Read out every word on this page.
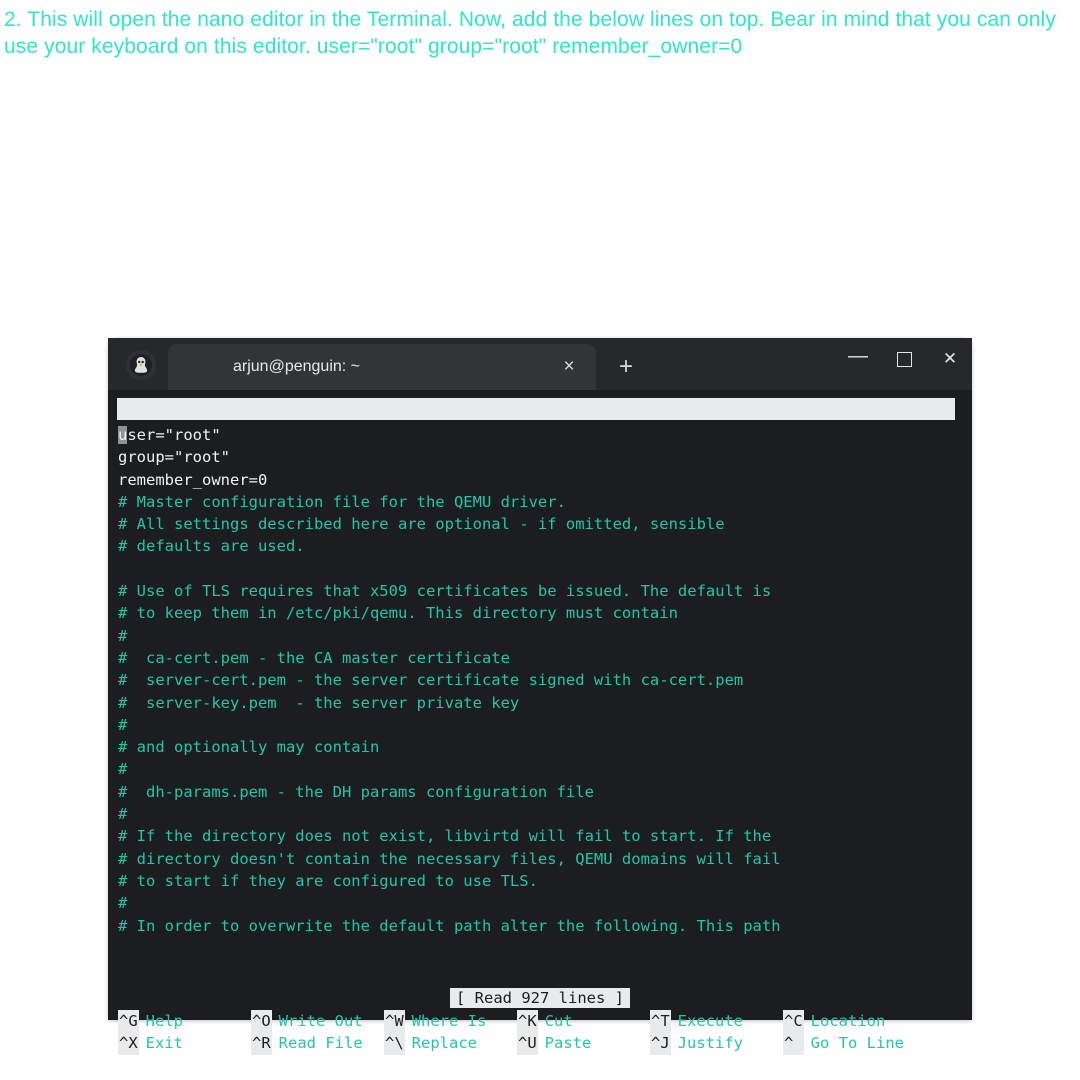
2. This will open the nano editor in the Terminal. Now, add the below lines on top. Bear in mind that you can only use your keyboard on this editor. user="root" group="root" remember_owner=0
arjun@penguin: ~	× +	—	✕

GNU nano 5.4	/etc/libvirt/qemu.conf

user="root"
group="root"
remember_owner=0
# Master configuration file for the QEMU driver.
# All settings described here are optional - if omitted, sensible
# defaults are used.

# Use of TLS requires that x509 certificates be issued. The default is
# to keep them in /etc/pki/qemu. This directory must contain
#
#  ca-cert.pem - the CA master certificate
#  server-cert.pem - the server certificate signed with ca-cert.pem
#  server-key.pem  - the server private key
#
# and optionally may contain
#
#  dh-params.pem - the DH params configuration file
#
# If the directory does not exist, libvirtd will fail to start. If the
# directory doesn't contain the necessary files, QEMU domains will fail
# to start if they are configured to use TLS.
#
# In order to overwrite the default path alter the following. This path
[ Read 927 lines ]
^G Help	^O Write Out ^W Where Is ^K Cut	^T Execute	^C Location
^X Exit	^R Read File ^\ Replace	^U Paste	^J Justify	^ Go To Line
